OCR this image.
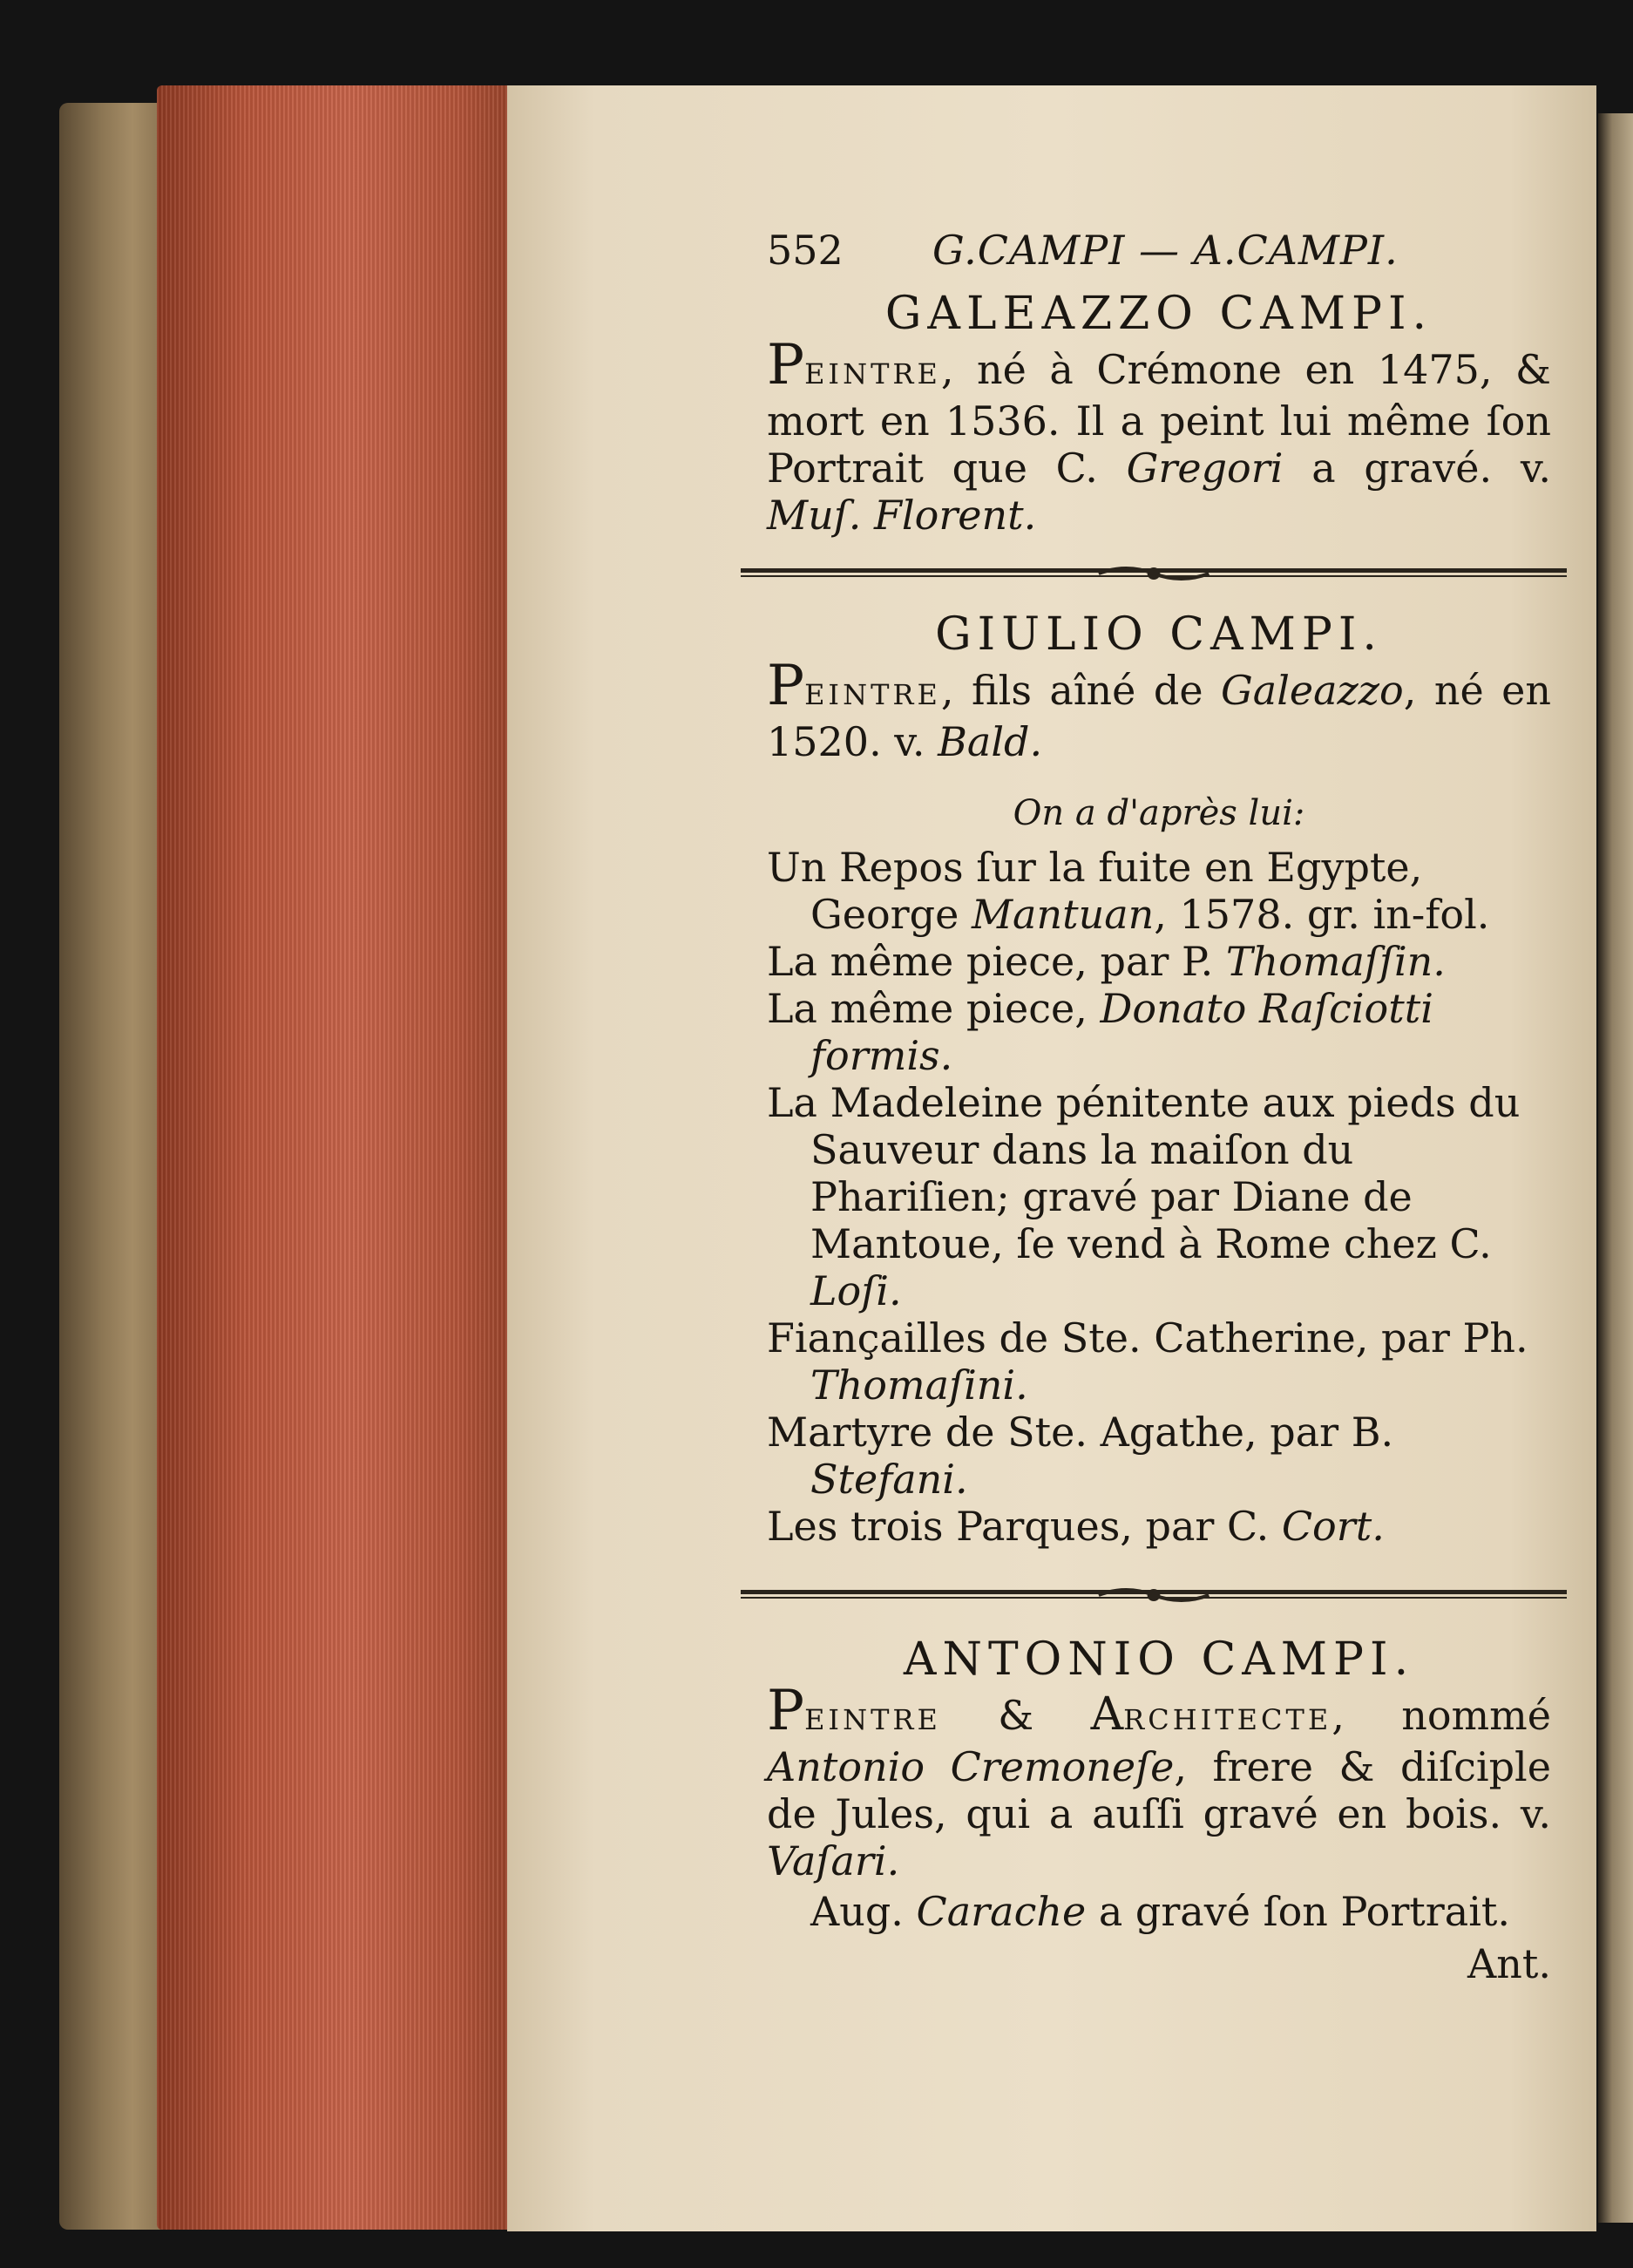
552 G.CAMPI — A.CAMPI.
GALEAZZO CAMPI.

PEINTRE, né à Crémone en 1475, & mort en 1536. Il a peint lui même ſon Portrait que C. Gregori a gravé. v. Muſ. Florent.

GIULIO CAMPI.

PEINTRE, fils aîné de Galeazzo, né en 1520. v. Bald.

On a d'après lui:
Un Repos ſur la fuite en Egypte, George Mantuan, 1578. gr. in-fol.
La même piece, par P. Thomaſſin.
La même piece, Donato Raſciotti formis.
La Madeleine pénitente aux pieds du Sauveur dans la maiſon du Phariſien; gravé par Diane de Mantoue, ſe vend à Rome chez C. Loſi.
Fiançailles de Ste. Catherine, par Ph. Thomaſini.
Martyre de Ste. Agathe, par B. Stefani.
Les trois Parques, par C. Cort.
ANTONIO CAMPI.

PEINTRE & ARCHITECTE, nommé Antonio Cremoneſe, frere & diſciple de Jules, qui a auſſi gravé en bois. v. Vaſari.

Aug. Carache a gravé ſon Portrait.

Ant.
